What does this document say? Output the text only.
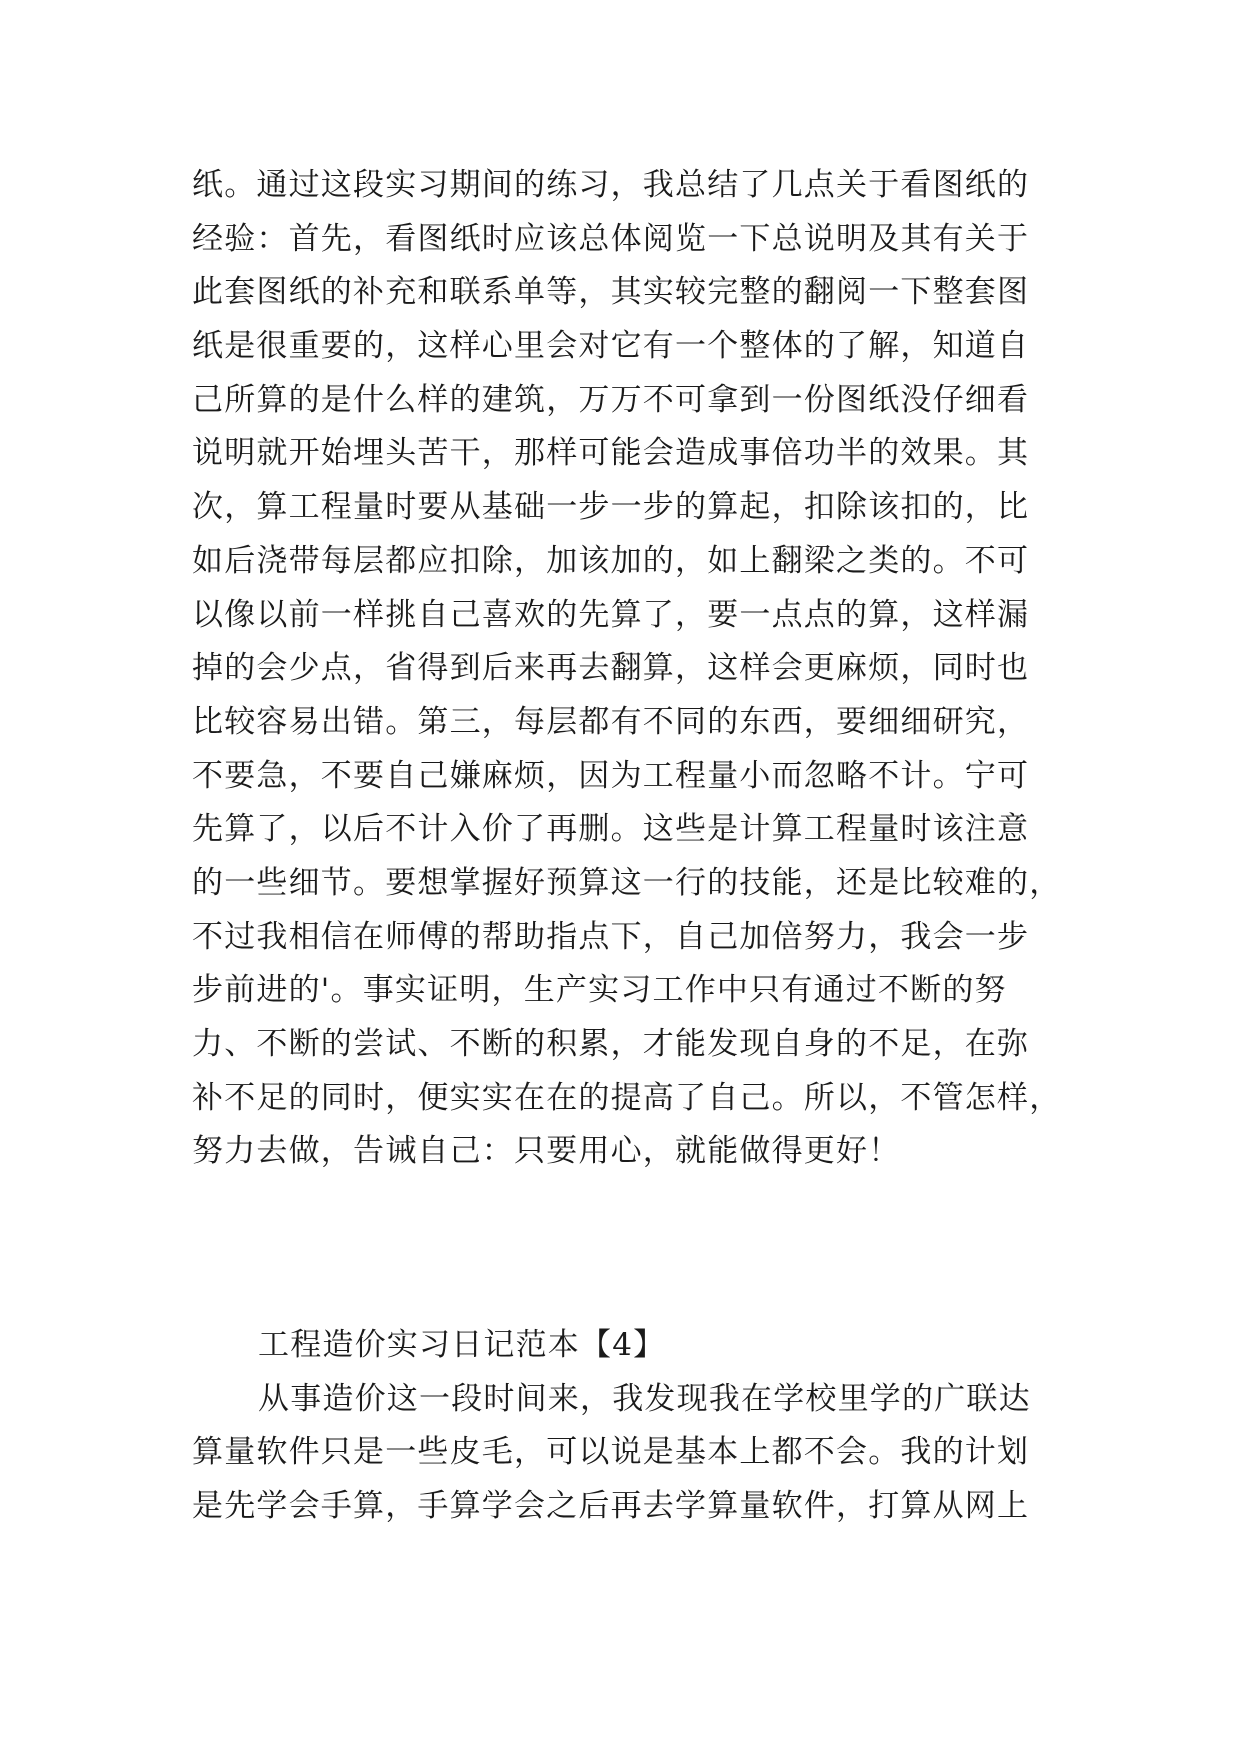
纸。通过这段实习期间的练习，我总结了几点关于看图纸的
经验：首先，看图纸时应该总体阅览一下总说明及其有关于
此套图纸的补充和联系单等，其实较完整的翻阅一下整套图
纸是很重要的，这样心里会对它有一个整体的了解，知道自
己所算的是什么样的建筑，万万不可拿到一份图纸没仔细看
说明就开始埋头苦干，那样可能会造成事倍功半的效果。其
次，算工程量时要从基础一步一步的算起，扣除该扣的，比
如后浇带每层都应扣除，加该加的，如上翻梁之类的。不可
以像以前一样挑自己喜欢的先算了，要一点点的算，这样漏
掉的会少点，省得到后来再去翻算，这样会更麻烦，同时也
比较容易出错。第三，每层都有不同的东西，要细细研究，
不要急，不要自己嫌麻烦，因为工程量小而忽略不计。宁可
先算了，以后不计入价了再删。这些是计算工程量时该注意
的一些细节。要想掌握好预算这一行的技能，还是比较难的，
不过我相信在师傅的帮助指点下，自己加倍努力，我会一步
步前进的'。事实证明，生产实习工作中只有通过不断的努
力、不断的尝试、不断的积累，才能发现自身的不足，在弥
补不足的同时，便实实在在的提高了自己。所以，不管怎样，
努力去做，告诫自己：只要用心，就能做得更好！
工程造价实习日记范本【4】
从事造价这一段时间来，我发现我在学校里学的广联达
算量软件只是一些皮毛，可以说是基本上都不会。我的计划
是先学会手算，手算学会之后再去学算量软件，打算从网上
